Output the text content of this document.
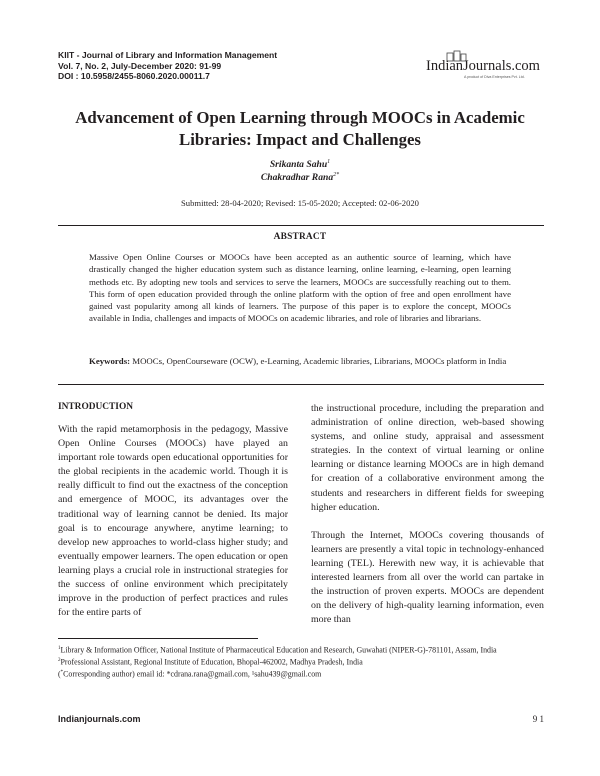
KIIT - Journal of Library and Information Management
Vol. 7, No. 2, July-December 2020: 91-99
DOI : 10.5958/2455-8060.2020.00011.7
IndianJournals.com
A product of Diva Enterprises Pvt. Ltd.
Advancement of Open Learning through MOOCs in Academic
Libraries: Impact and Challenges
Srikanta Sahu$^1$
Chakradhar Rana$^{2*}$
Submitted: 28-04-2020; Revised: 15-05-2020; Accepted: 02-06-2020
ABSTRACT
Massive Open Online Courses or MOOCs have been accepted as an authentic source of learning, which have drastically changed the higher education system such as distance learning, online learning, e-learning, open learning methods etc. By adopting new tools and services to serve the learners, MOOCs are successfully reaching out to them. This form of open education provided through the online platform with the option of free and open enrollment have gained vast popularity among all kinds of learners. The purpose of this paper is to explore the concept, MOOCs available in India, challenges and impacts of MOOCs on academic libraries, and role of libraries and librarians.
Keywords: MOOCs, OpenCourseware (OCW), e-Learning, Academic libraries, Librarians, MOOCs platform in India
INTRODUCTION

With the rapid metamorphosis in the pedagogy, Massive Open Online Courses (MOOCs) have played an important role towards open educational opportunities for the global recipients in the academic world. Though it is really difficult to find out the exactness of the conception and emergence of MOOC, its advantages over the traditional way of learning cannot be denied. Its major goal is to encourage anywhere, anytime learning; to develop new approaches to world-class higher study; and eventually empower learners. The open education or open learning plays a crucial role in instructional strategies for the success of online environment which precipitately improve in the production of perfect practices and rules for the entire parts of

the instructional procedure, including the preparation and administration of online direction, web-based showing systems, and online study, appraisal and assessment strategies. In the context of virtual learning or online learning or distance learning MOOCs are in high demand for creation of a collaborative environment among the students and researchers in different fields for sweeping higher education.

Through the Internet, MOOCs covering thousands of learners are presently a vital topic in technology-enhanced learning (TEL). Herewith new way, it is achievable that interested learners from all over the world can partake in the instruction of proven experts. MOOCs are dependent on the delivery of high-quality learning information, even more than

$^1$Library & Information Officer, National Institute of Pharmaceutical Education and Research, Guwahati (NIPER-G)-781101, Assam, India

$^2$Professional Assistant, Regional Institute of Education, Bhopal-462002, Madhya Pradesh, India

(*Corresponding author) email id: *cdrana.rana@gmail.com, ¹sahu439@gmail.com

Indianjournals.com	9 1
